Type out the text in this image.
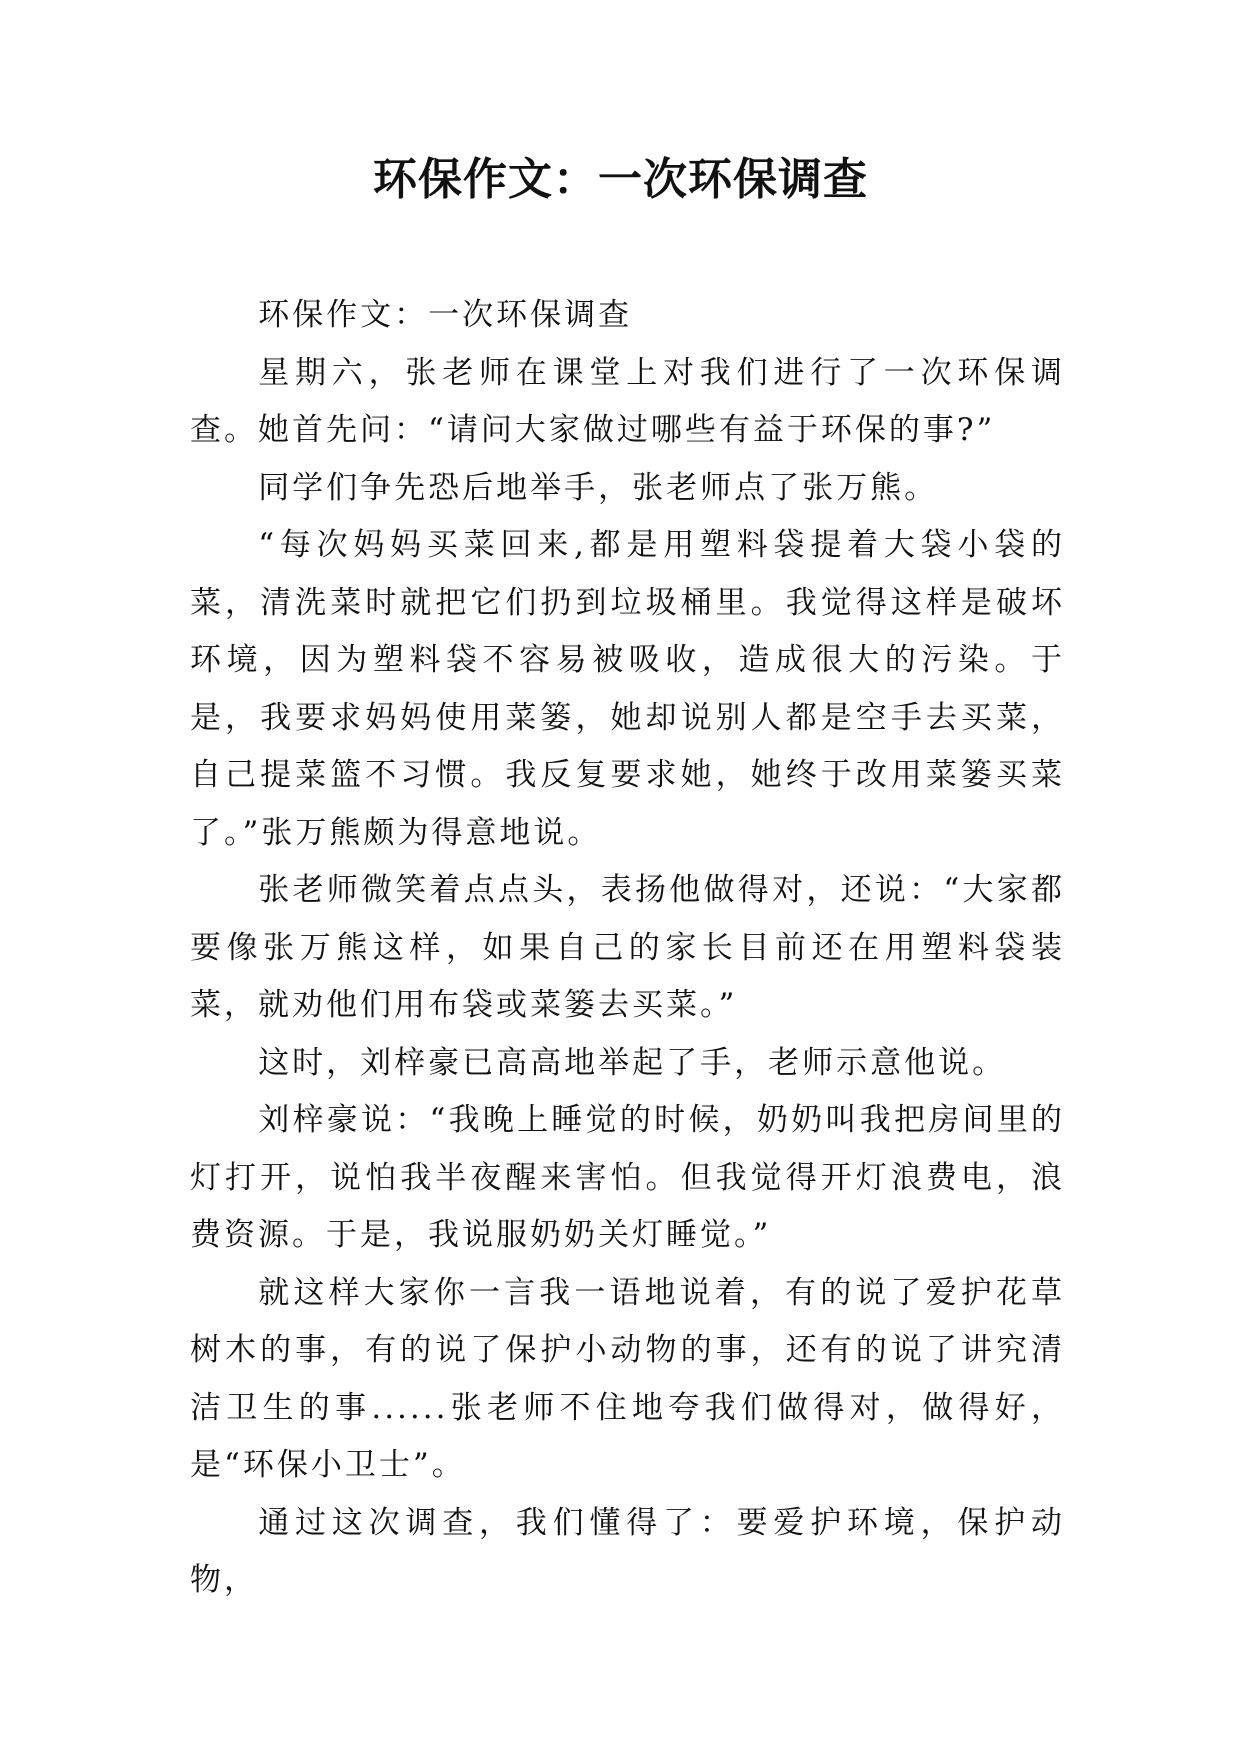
环保作文：一次环保调查

环保作文：一次环保调查

星期六，张老师在课堂上对我们进行了一次环保调查。她首先问：“请问大家做过哪些有益于环保的事?”

同学们争先恐后地举手，张老师点了张万熊。

“每次妈妈买菜回来,都是用塑料袋提着大袋小袋的菜，清洗菜时就把它们扔到垃圾桶里。我觉得这样是破坏环境，因为塑料袋不容易被吸收，造成很大的污染。于是，我要求妈妈使用菜篓，她却说别人都是空手去买菜，自己提菜篮不习惯。我反复要求她，她终于改用菜篓买菜了。”张万熊颇为得意地说。

张老师微笑着点点头，表扬他做得对，还说：“大家都要像张万熊这样，如果自己的家长目前还在用塑料袋装菜，就劝他们用布袋或菜篓去买菜。”

这时，刘梓豪已高高地举起了手，老师示意他说。

刘梓豪说：“我晚上睡觉的时候，奶奶叫我把房间里的灯打开，说怕我半夜醒来害怕。但我觉得开灯浪费电，浪费资源。于是，我说服奶奶关灯睡觉。”

就这样大家你一言我一语地说着，有的说了爱护花草树木的事，有的说了保护小动物的事，还有的说了讲究清洁卫生的事......张老师不住地夸我们做得对，做得好，是“环保小卫士”。

通过这次调查，我们懂得了：要爱护环境，保护动物，
